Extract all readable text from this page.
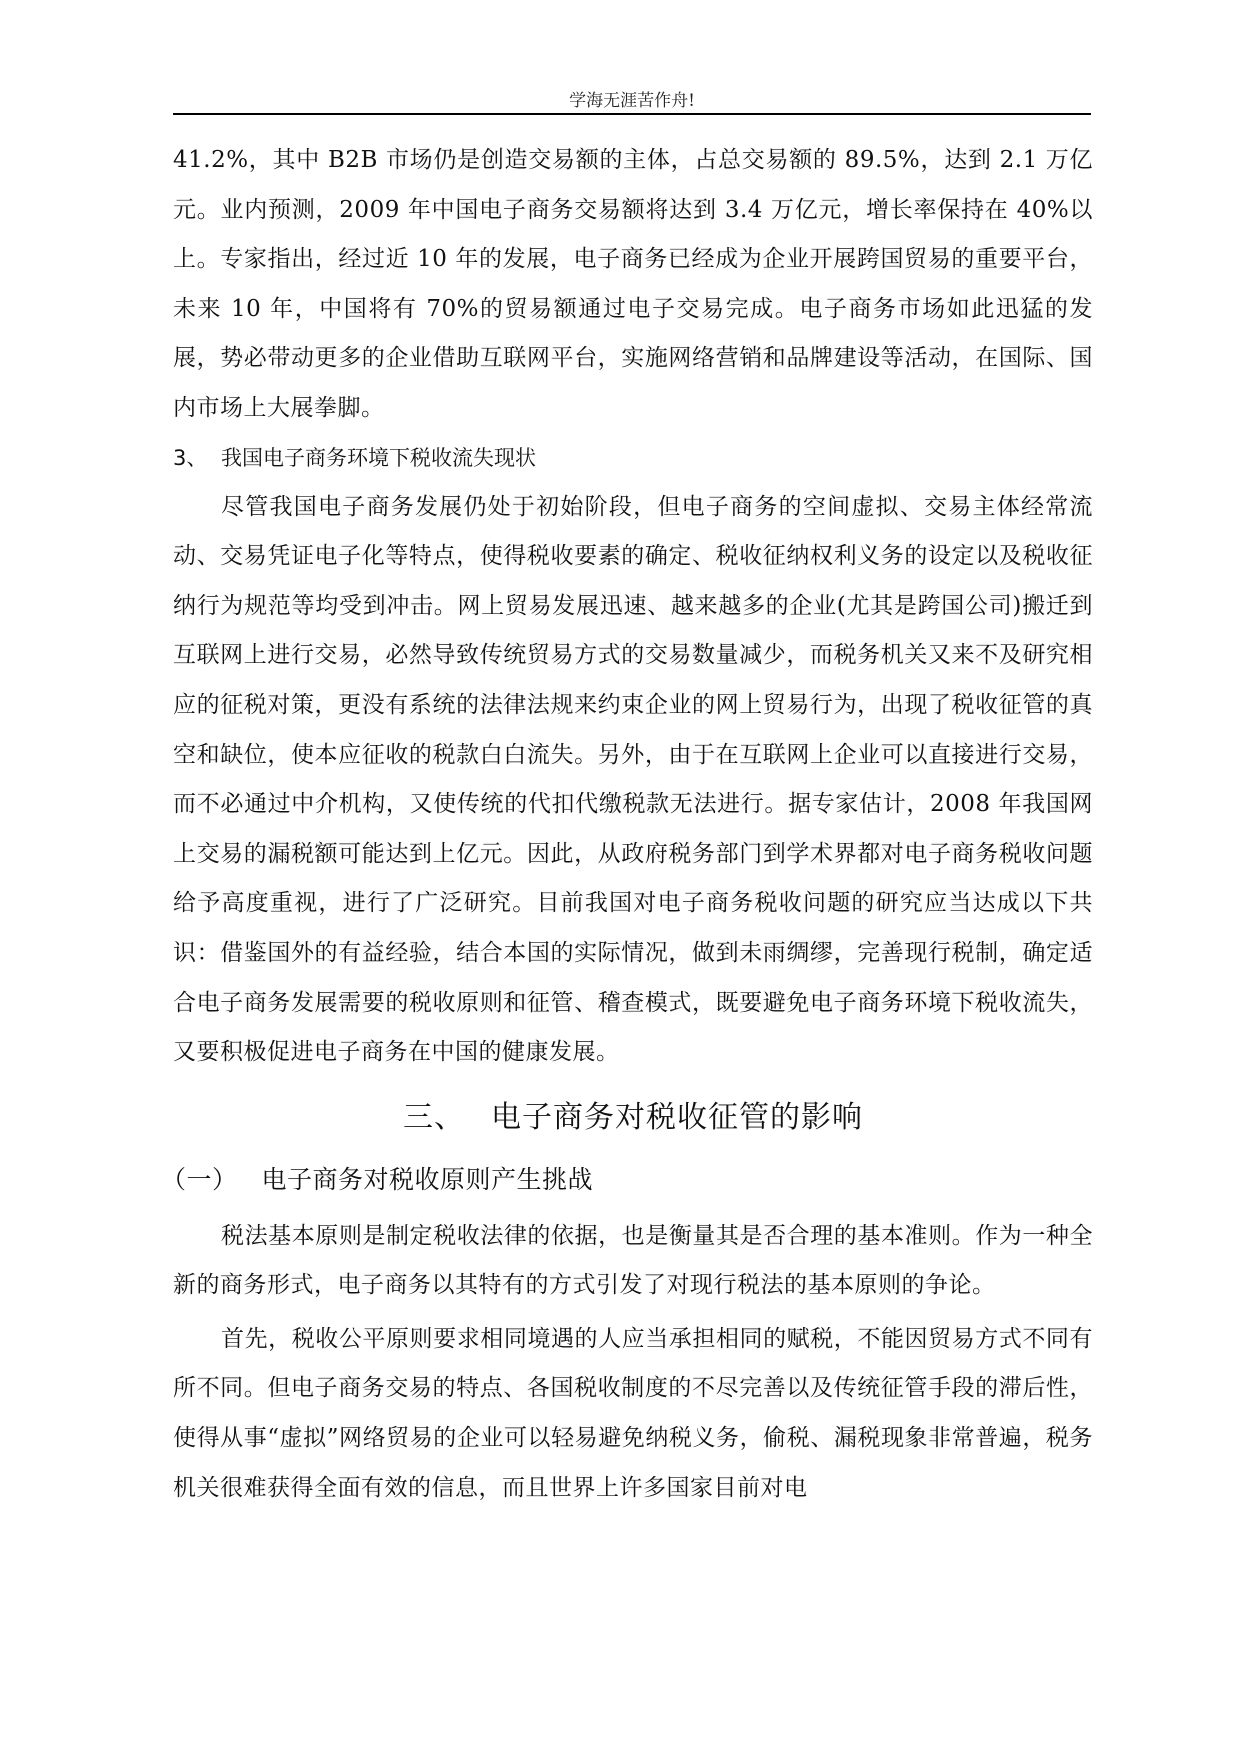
学海无涯苦作舟!

41.2%，其中 B2B 市场仍是创造交易额的主体，占总交易额的 89.5%，达到 2.1 万亿元。业内预测，2009 年中国电子商务交易额将达到 3.4 万亿元，增长率保持在 40%以上。专家指出，经过近 10 年的发展，电子商务已经成为企业开展跨国贸易的重要平台，未来 10 年，中国将有 70%的贸易额通过电子交易完成。电子商务市场如此迅猛的发展，势必带动更多的企业借助互联网平台，实施网络营销和品牌建设等活动，在国际、国内市场上大展拳脚。

3、 我国电子商务环境下税收流失现状

尽管我国电子商务发展仍处于初始阶段，但电子商务的空间虚拟、交易主体经常流动、交易凭证电子化等特点，使得税收要素的确定、税收征纳权利义务的设定以及税收征纳行为规范等均受到冲击。网上贸易发展迅速、越来越多的企业(尤其是跨国公司)搬迁到互联网上进行交易，必然导致传统贸易方式的交易数量减少，而税务机关又来不及研究相应的征税对策，更没有系统的法律法规来约束企业的网上贸易行为，出现了税收征管的真空和缺位，使本应征收的税款白白流失。另外，由于在互联网上企业可以直接进行交易，而不必通过中介机构，又使传统的代扣代缴税款无法进行。据专家估计，2008 年我国网上交易的漏税额可能达到上亿元。因此，从政府税务部门到学术界都对电子商务税收问题给予高度重视，进行了广泛研究。目前我国对电子商务税收问题的研究应当达成以下共识：借鉴国外的有益经验，结合本国的实际情况，做到未雨绸缪，完善现行税制，确定适合电子商务发展需要的税收原则和征管、稽查模式，既要避免电子商务环境下税收流失，又要积极促进电子商务在中国的健康发展。

三、 电子商务对税收征管的影响
（一） 电子商务对税收原则产生挑战

税法基本原则是制定税收法律的依据，也是衡量其是否合理的基本准则。作为一种全新的商务形式，电子商务以其特有的方式引发了对现行税法的基本原则的争论。

首先，税收公平原则要求相同境遇的人应当承担相同的赋税，不能因贸易方式不同有所不同。但电子商务交易的特点、各国税收制度的不尽完善以及传统征管手段的滞后性，使得从事“虚拟”网络贸易的企业可以轻易避免纳税义务，偷税、漏税现象非常普遍，税务机关很难获得全面有效的信息，而且世界上许多国家目前对电
